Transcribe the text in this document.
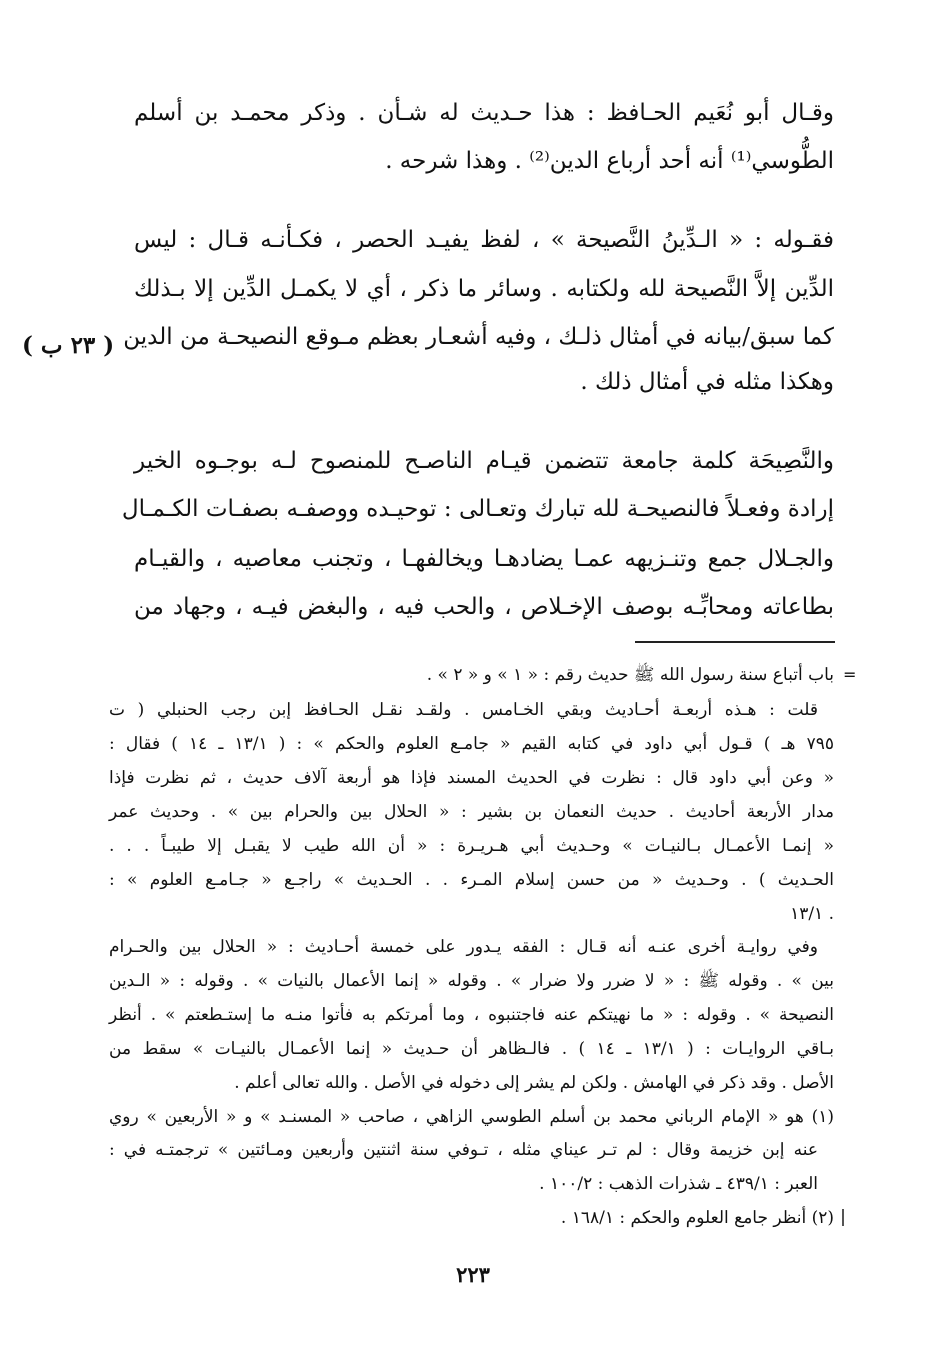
وقـال أبو نُعَيم الحـافظ : هذا حـديث له شـأن . وذكر محمـد بن أسلم
الطُّوسي⁽¹⁾ أنه أحد أرباع الدين⁽²⁾ . وهذا شرحه .
فقـوله : « الـدِّينُ النَّصيحة » ، لفظ يفيـد الحصر ، فكـأنـه قـال : ليس
الدِّين إلاَّ النَّصيحة لله ولكتابه . وسائر ما ذكر ، أي لا يكمـل الدِّين إلا بـذلك
كما سبق/بيانه في أمثال ذلـك ، وفيه أشعـار بعظم مـوقع النصيحـة من الدين
وهكذا مثله في أمثال ذلك .
( ٢٣ ب )
والنَّصِيحَة كلمة جامعة تتضمن قيـام الناصـح للمنصوح لـه بوجـوه الخير
إرادة وفعـلاً فالنصيحـة لله تبارك وتعـالى : توحيـده ووصفـه بصفـات الكـمـال
والجـلال جمع وتنـزيهه عمـا يضادهـا ويخالفهـا ، وتجنب معاصيه ، والقيـام
بطاعاته ومحابِّـه بوصف الإخـلاص ، والحب فيه ، والبغض فيـه ، وجهاد من
=
باب أتباع سنة رسول الله ﷺ حديث رقم : « ١ » و « ٢ » .
قلت : هـذه أربعـة أحـاديث وبقي الخـامس . ولقـد نقـل الحـافظ إبن رجب الحنبلي ( ت
٧٩٥ هـ ) قـول أبي داود في كتابه القيم « جامـع العلوم والحكم » : ( ١٣/١ ـ ١٤ ) فقال :
« وعن أبي داود قال : نظرت في الحديث المسند فإذا هو أربعة آلاف حديث ، ثم نظرت فإذا
مدار الأربعة أحاديث . حديث النعمان بن بشير : « الحلال بين والحرام بين » . وحديث عمر
« إنمـا الأعمـال بـالنيـات » وحـديث أبي هـريـرة : « أن الله طيب لا يقبـل إلا طيبـاً . . .
الحـديث ) . وحـديث « من حسن إسلام المـرء . . الحـديث » راجـع « جـامـع العلوم » :
. ١٣/١
وفي روايـة أخرى عنـه أنه قـال : الفقه يـدور على خمسة أحـاديث : « الحلال بين والحـرام
بين » . وقوله ﷺ : « لا ضرر ولا ضرار » . وقوله « إنما الأعمال بالنيات » . وقوله : « الـدين
النصيحة » . وقوله : « ما نهيتكم عنه فاجتنبوه ، وما أمرتكم به فأتوا منـه ما إستـطعتم » . أنظر
بـاقي الروايـات : ( ١٣/١ ـ ١٤ ) . فالـظاهر أن حـديث « إنما الأعمـال بالنيـات » سقط من
الأصل . وقد ذكر في الهامش . ولكن لم يشر إلى دخوله في الأصل . والله تعالى أعلم .
(١) هو « الإمام الرباني محمد بن أسلم الطوسي الزاهي ، صاحب « المسنـد » و « الأربعين » روي
عنه إبن خزيمة وقال : لم تـر عيناي مثله ، تـوفي سنة اثنتين وأربعين ومـائتين » ترجمتـه في :
العبر : ٤٣٩/١ ـ شذرات الذهب : ١٠٠/٢ .
(٢) أنظر جامع العلوم والحكم : ١٦٨/١ .
٢٢٣
